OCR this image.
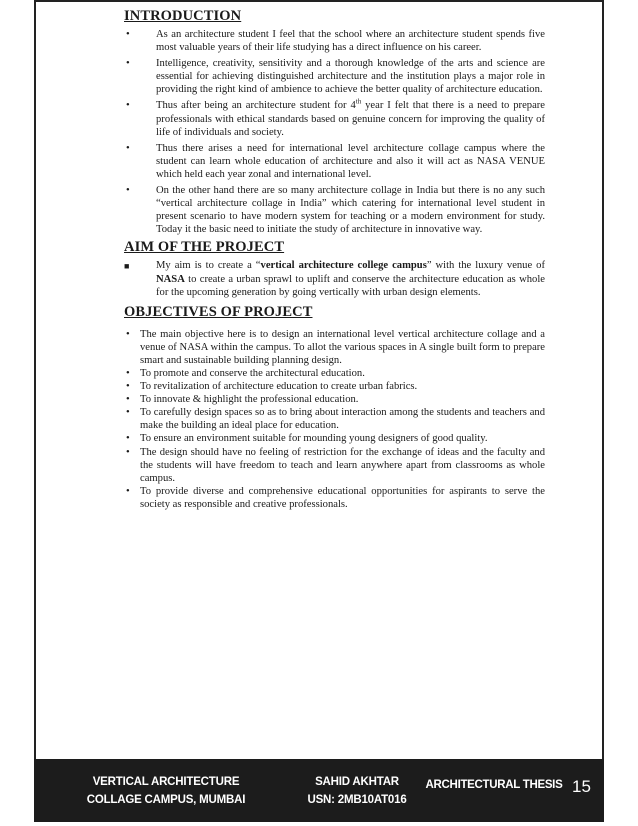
INTRODUCTION
• As an architecture student I feel that the school where an architecture student spends five most valuable years of their life studying has a direct influence on his career.
• Intelligence, creativity, sensitivity and a thorough knowledge of the arts and science are essential for achieving distinguished architecture and the institution plays a major role in providing the right kind of ambience to achieve the better quality of architecture education.
• Thus after being an architecture student for 4th year I felt that there is a need to prepare professionals with ethical standards based on genuine concern for improving the quality of life of individuals and society.
• Thus there arises a need for international level architecture collage campus where the student can learn whole education of architecture and also it will act as NASA VENUE which held each year zonal and international level.
• On the other hand there are so many architecture collage in India but there is no any such “vertical architecture collage in India” which catering for international level student in present scenario to have modern system for teaching or a modern environment for study. Today it the basic need to initiate the study of architecture in innovative way.
AIM OF THE PROJECT
■	My aim is to create a “vertical architecture college campus” with the luxury venue of NASA to create a urban sprawl to uplift and conserve the architecture education as whole for the upcoming generation by going vertically with urban design elements.
OBJECTIVES OF PROJECT
• The main objective here is to design an international level vertical architecture collage and a venue of NASA within the campus. To allot the various spaces in A single built form to prepare smart and sustainable building planning design.
• To promote and conserve the architectural education.
• To revitalization of architecture education to create urban fabrics.
• To innovate & highlight the professional education.
• To carefully design spaces so as to bring about interaction among the students and teachers and make the building an ideal place for education.
• To ensure an environment suitable for mounding young designers of good quality.
• The design should have no feeling of restriction for the exchange of ideas and the faculty and the students will have freedom to teach and learn anywhere apart from classrooms as whole campus.
• To provide diverse and comprehensive educational opportunities for aspirants to serve the society as responsible and creative professionals.
VERTICAL ARCHITECTURE
COLLAGE CAMPUS, MUMBAI
SAHID AKHTAR
USN: 2MB10AT016
ARCHITECTURAL THESIS 15
